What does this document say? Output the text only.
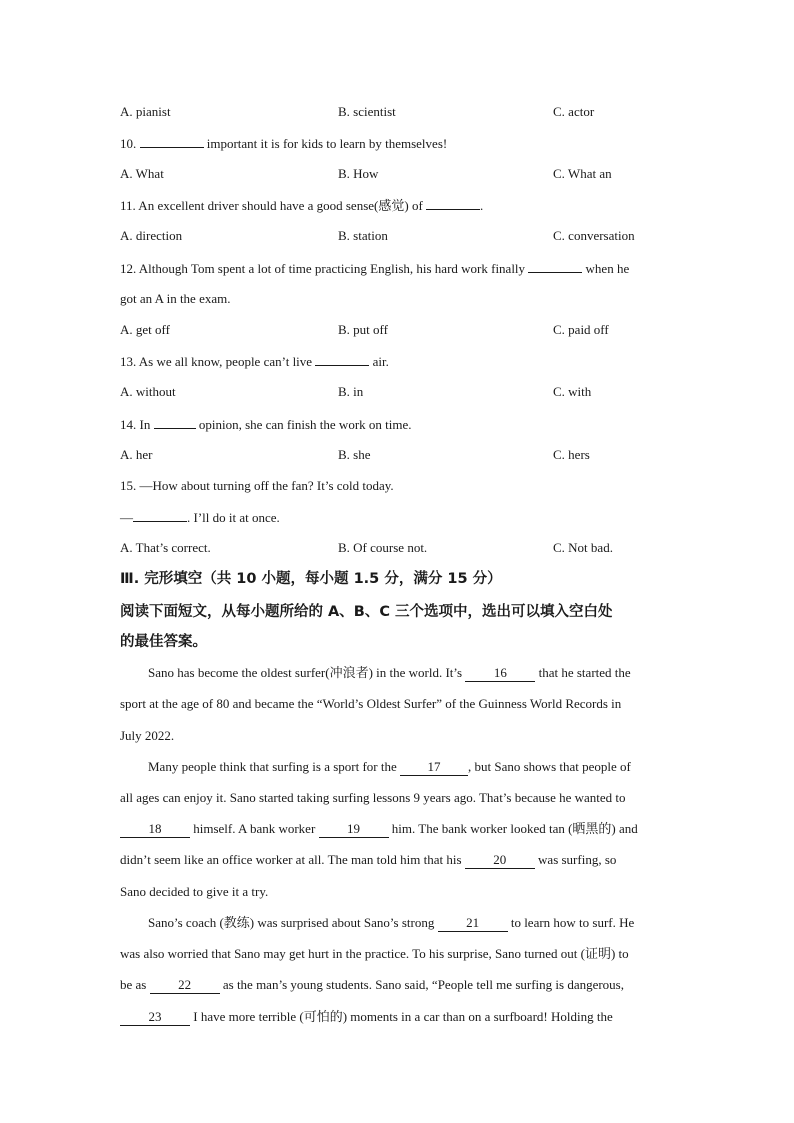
A. pianist	B. scientist	C. actor
10.	important it is for kids to learn by themselves!
A. What	B. How	C. What an
11. An excellent driver should have a good sense(感觉) of	.
A. direction	B. station	C. conversation
12. Although Tom spent a lot of time practicing English, his hard work finally	when he
got an A in the exam.
A. get off	B. put off	C. paid off
13. As we all know, people can’t live	air.
A. without	B. in	C. with
14. In	opinion, she can finish the work on time.
A. her	B. she	C. hers
15. —How about turning off the fan? It’s cold today.
—	. I’ll do it at once.
A. That’s correct.	B. Of course not.	C. Not bad.
Ⅲ. 完形填空（共 10 小题，每小题 1.5 分，满分 15 分）
阅读下面短文，从每小题所给的 A、B、C 三个选项中，选出可以填入空白处
的最佳答案。
Sano has become the oldest surfer(冲浪者) in the world. It’s 16 that he started the
sport at the age of 80 and became the “World’s Oldest Surfer” of the Guinness World Records in
July 2022.
Many people think that surfing is a sport for the 17 , but Sano shows that people of
all ages can enjoy it. Sano started taking surfing lessons 9 years ago. That’s because he wanted to
18 himself. A bank worker 19 him. The bank worker looked tan (晒黑的) and
didn’t seem like an office worker at all. The man told him that his 20 was surfing, so
Sano decided to give it a try.
Sano’s coach (教练) was surprised about Sano’s strong 21 to learn how to surf. He
was also worried that Sano may get hurt in the practice. To his surprise, Sano turned out (证明) to
be as 22 as the man’s young students. Sano said, “People tell me surfing is dangerous,
23 I have more terrible (可怕的) moments in a car than on a surfboard! Holding the
